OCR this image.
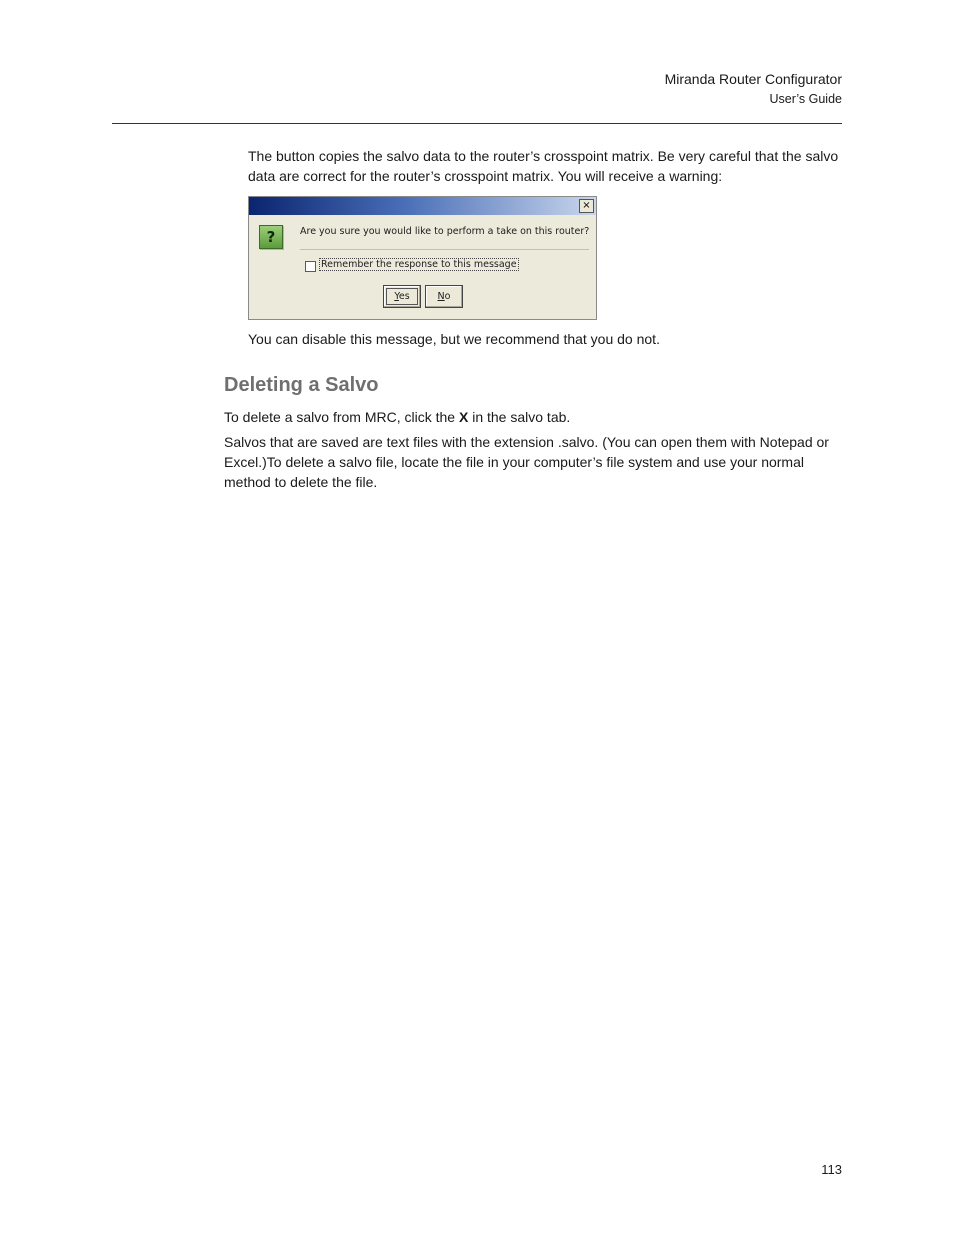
Miranda Router Configurator
User’s Guide

The button copies the salvo data to the router’s crosspoint matrix. Be very careful that the salvo data are correct for the router’s crosspoint matrix. You will receive a warning:

×
?	Are you sure you would like to perform a take on this router?
Remember the response to this message
Yes	No

You can disable this message, but we recommend that you do not.

Deleting a Salvo

To delete a salvo from MRC, click the X in the salvo tab.

Salvos that are saved are text files with the extension .salvo. (You can open them with Notepad or Excel.)To delete a salvo file, locate the file in your computer’s file system and use your normal method to delete the file.

113
